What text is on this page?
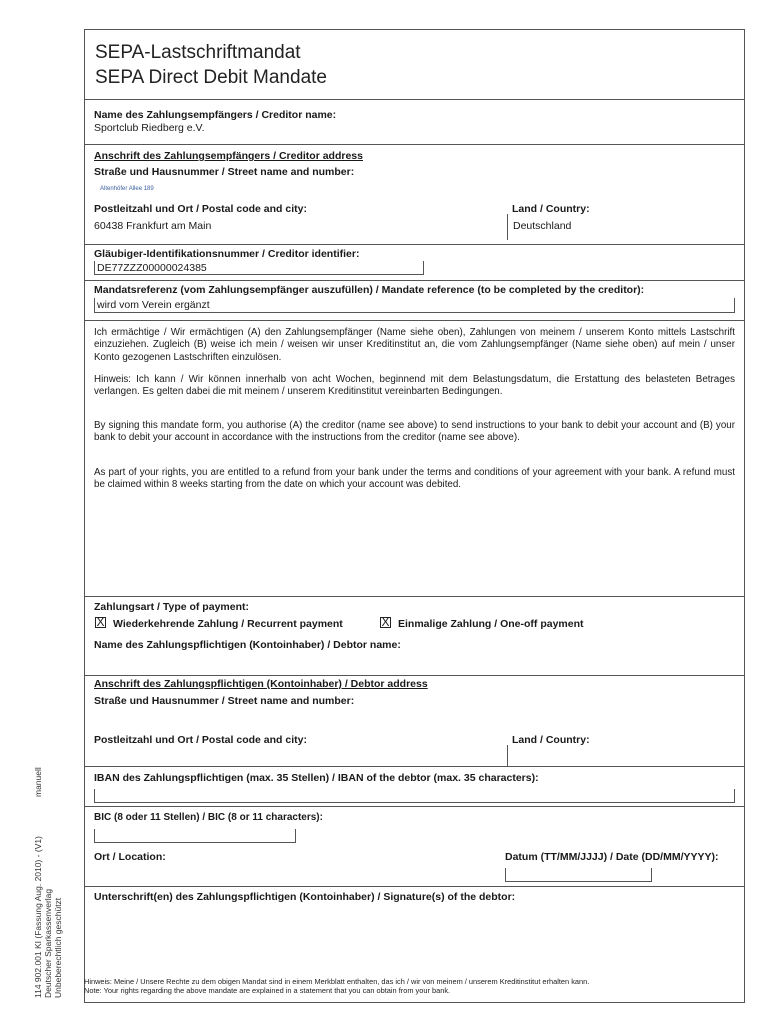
manuell
114 902.001 KI (Fassung Aug. 2010) - (V1) Deutscher Sparkassenverlag Unbeberechtlich geschützt
SEPA-Lastschriftmandat
SEPA Direct Debit Mandate
Name des Zahlungsempfängers / Creditor name:
Sportclub Riedberg e.V.
Anschrift des Zahlungsempfängers / Creditor address
Straße und Hausnummer / Street name and number:
Altenhöfer Allee 189
Postleitzahl und Ort / Postal code and city:
60438 Frankfurt am Main
Land / Country:
Deutschland
Gläubiger-Identifikationsnummer / Creditor identifier:
DE77ZZZ00000024385
Mandatsreferenz (vom Zahlungsempfänger auszufüllen) / Mandate reference (to be completed by the creditor):
wird vom Verein ergänzt
Ich ermächtige / Wir ermächtigen (A) den Zahlungsempfänger (Name siehe oben), Zahlungen von meinem / unserem Konto mittels Lastschrift einzuziehen. Zugleich (B) weise ich mein / weisen wir unser Kreditinstitut an, die vom Zahlungsempfänger (Name siehe oben) auf mein / unser Konto gezogenen Lastschriften einzulösen.
Hinweis: Ich kann / Wir können innerhalb von acht Wochen, beginnend mit dem Belastungsdatum, die Erstattung des belasteten Betrages verlangen. Es gelten dabei die mit meinem / unserem Kreditinstitut vereinbarten Bedingungen.
By signing this mandate form, you authorise (A) the creditor (name see above) to send instructions to your bank to debit your account and (B) your bank to debit your account in accordance with the instructions from the creditor (name see above).
As part of your rights, you are entitled to a refund from your bank under the terms and conditions of your agreement with your bank. A refund must be claimed within 8 weeks starting from the date on which your account was debited.
Zahlungsart / Type of payment:
X Wiederkehrende Zahlung / Recurrent payment	X Einmalige Zahlung / One-off payment
Name des Zahlungspflichtigen (Kontoinhaber) / Debtor name:
Anschrift des Zahlungspflichtigen (Kontoinhaber) / Debtor address
Straße und Hausnummer / Street name and number:
Postleitzahl und Ort / Postal code and city:	Land / Country:
IBAN des Zahlungspflichtigen (max. 35 Stellen) / IBAN of the debtor (max. 35 characters):
BIC (8 oder 11 Stellen) / BIC (8 or 11 characters):
Ort / Location:	Datum (TT/MM/JJJJ) / Date (DD/MM/YYYY):
Unterschrift(en) des Zahlungspflichtigen (Kontoinhaber) / Signature(s) of the debtor:
Hinweis: Meine / Unsere Rechte zu dem obigen Mandat sind in einem Merkblatt enthalten, das ich / wir von meinem / unserem Kreditinstitut erhalten kann.
Note: Your rights regarding the above mandate are explained in a statement that you can obtain from your bank.
